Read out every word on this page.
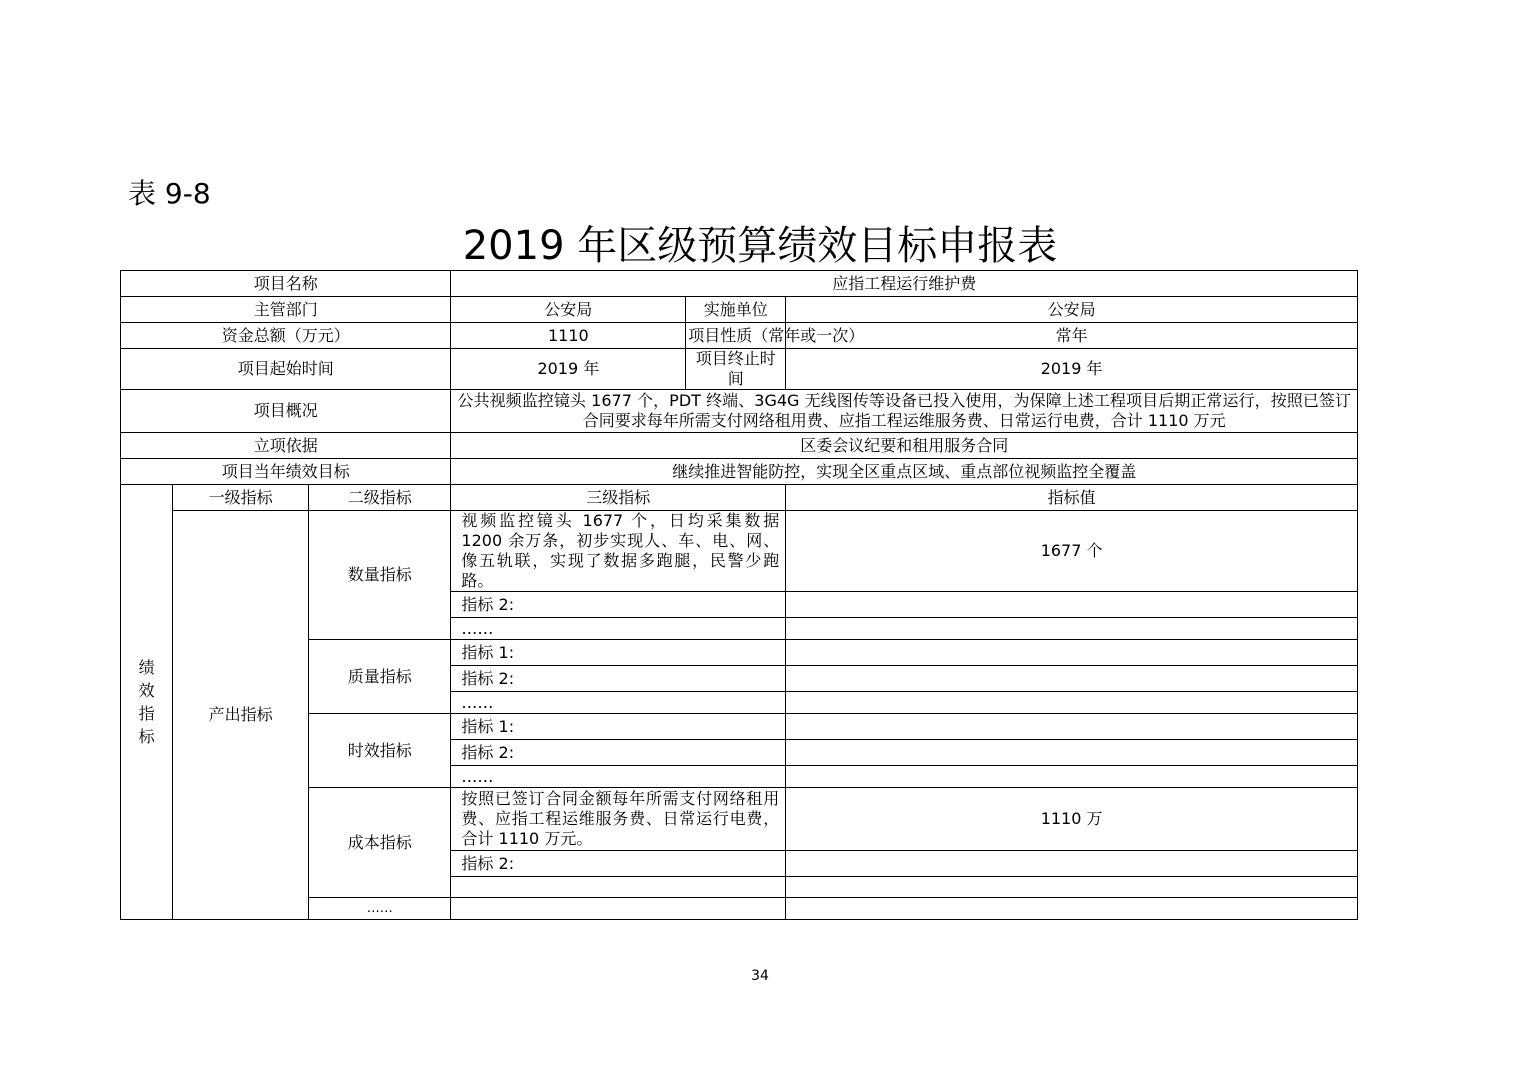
表 9-8
2019 年区级预算绩效目标申报表
项目名称			应指工程运行维护费		
主管部门			公安局	实施单位	公安局
资金总额（万元）			1110	项目性质（常年或一次）	常年
项目起始时间			2019 年	项目终止时间	2019 年
项目概况			公共视频监控镜头 1677 个，PDT 终端、3G4G 无线图传等设备已投入使用，为保障上述工程项目后期正常运行，按照已签订合同要求每年所需支付网络租用费、应指工程运维服务费、日常运行电费，合计 1110 万元		
立项依据			区委会议纪要和租用服务合同		
项目当年绩效目标			继续推进智能防控，实现全区重点区域、重点部位视频监控全覆盖		
绩效指标	一级指标	二级指标	三级指标		指标值
	产出指标	数量指标	视频监控镜头 1677 个，日均采集数据 1200 余万条，初步实现人、车、电、网、像五轨联，实现了数据多跑腿，民警少跑路。		1677 个
			指标 2:		
			……		
		质量指标	指标 1:		
			指标 2:		
			……		
		时效指标	指标 1:		
			指标 2:		
			……		
		成本指标	按照已签订合同金额每年所需支付网络租用费、应指工程运维服务费、日常运行电费，合计 1110 万元。		1110 万
			指标 2:		

		……			
34
